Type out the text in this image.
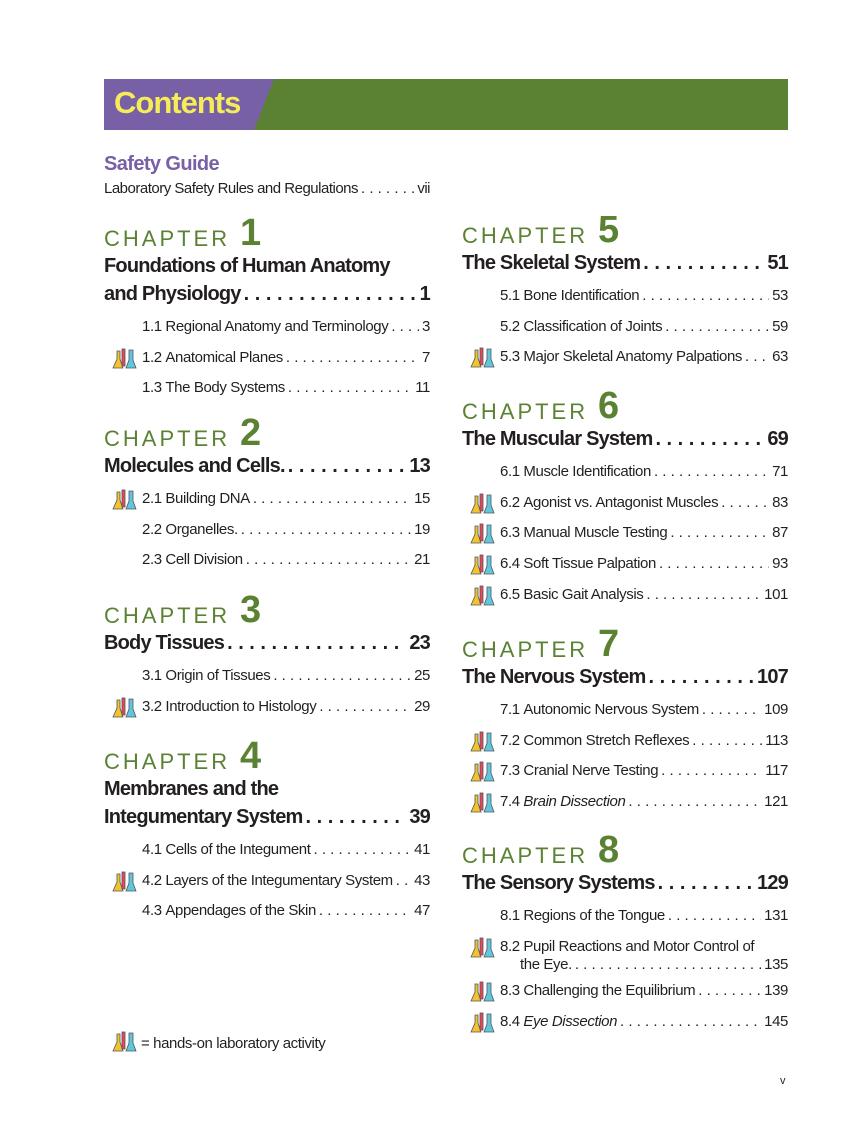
Contents
Safety Guide
Laboratory Safety Rules and Regulations . . .	vii
CHAPTER 1
Foundations of Human Anatomy
and Physiology . . .	1
1.1 Regional Anatomy and Terminology . . . 3
1.2 Anatomical Planes . . .	7
1.3 The Body Systems . . .	11
CHAPTER 2
Molecules and Cells. . . .	13
2.1 Building DNA . . .	15
2.2 Organelles. . . .	19
2.3 Cell Division . . .	21
CHAPTER 3
Body Tissues . . .	23
3.1 Origin of Tissues . . .	25
3.2 Introduction to Histology . . .	29
CHAPTER 4
Membranes and the
Integumentary System . . .	39
4.1 Cells of the Integument . . .	41
4.2 Layers of the Integumentary System . . . 43
4.3 Appendages of the Skin . . .	47
CHAPTER 5
The Skeletal System . . .	51
5.1 Bone Identification . . .	53
5.2 Classification of Joints . . .	59
5.3 Major Skeletal Anatomy Palpations . . . 63
CHAPTER 6
The Muscular System . . .	69
6.1 Muscle Identification . . .	71
6.2 Agonist vs. Antagonist Muscles . . .	83
6.3 Manual Muscle Testing . . .	87
6.4 Soft Tissue Palpation . . .	93
6.5 Basic Gait Analysis . . .	101
CHAPTER 7
The Nervous System . . .	107
7.1 Autonomic Nervous System . . .	109
7.2 Common Stretch Reflexes . . .	113
7.3 Cranial Nerve Testing . . .	117
7.4 Brain Dissection . . .	121
CHAPTER 8
The Sensory Systems . . .	129
8.1 Regions of the Tongue . . .	131
8.2 Pupil Reactions and Motor Control of
the Eye. . . .	135
8.3 Challenging the Equilibrium . . .	139
8.4 Eye Dissection . . .	145
= hands-on laboratory activity
v
